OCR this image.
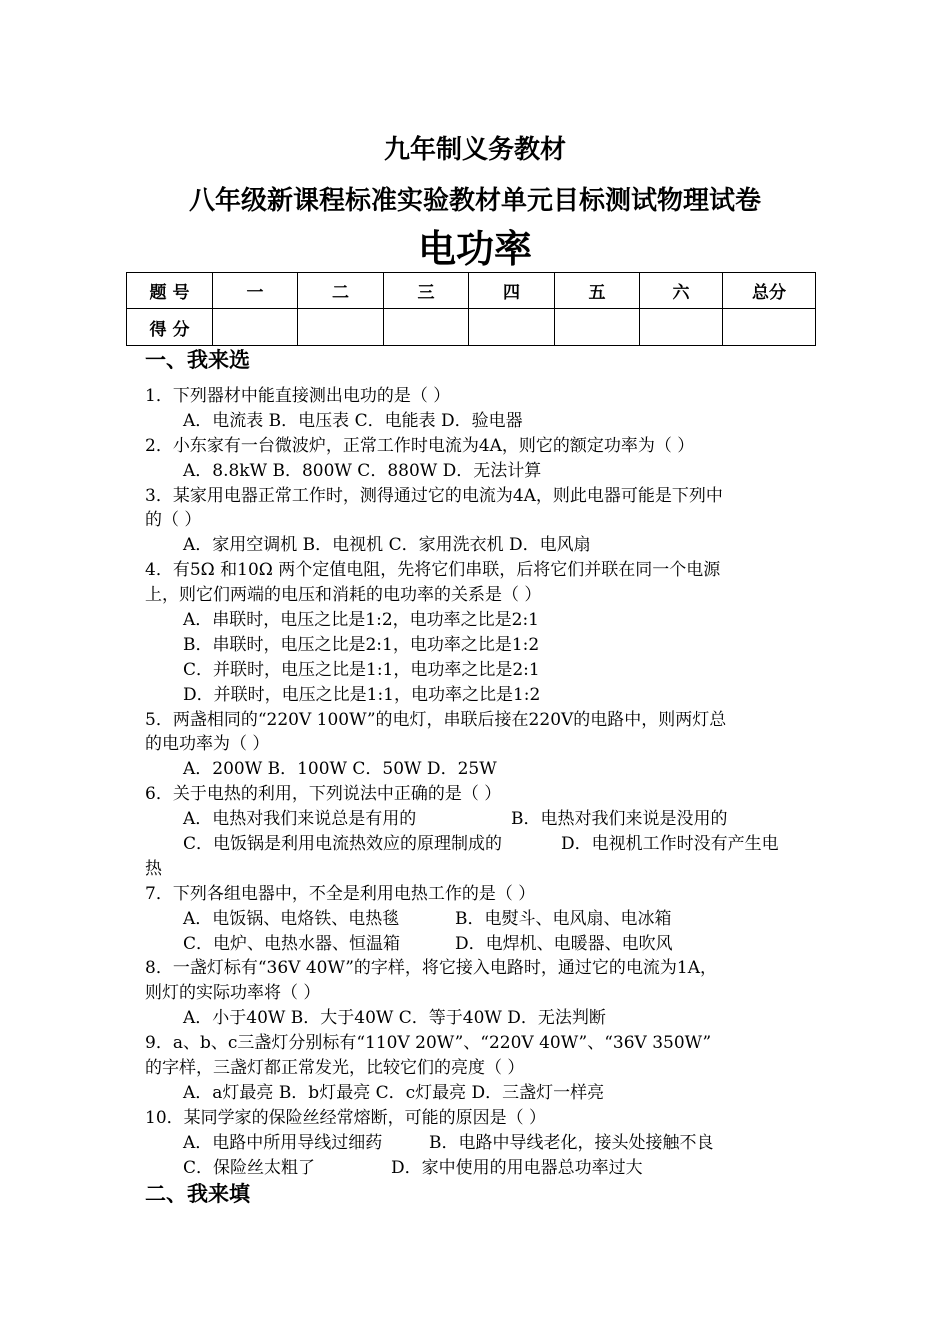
九年制义务教材
八年级新课程标准实验教材单元目标测试物理试卷
电功率
题 号	一	二	三	四	五	六	总分
得 分							
一、我来选
1．下列器材中能直接测出电功的是（ ）
A．电流表 B．电压表 C．电能表 D．验电器
2．小东家有一台微波炉，正常工作时电流为4A，则它的额定功率为（ ）
A．8.8kW B．800W C．880W D．无法计算
3．某家用电器正常工作时，测得通过它的电流为4A，则此电器可能是下列中
的（ ）
A．家用空调机 B．电视机 C．家用洗衣机 D．电风扇
4．有5Ω 和10Ω 两个定值电阻，先将它们串联，后将它们并联在同一个电源
上，则它们两端的电压和消耗的电功率的关系是（ ）
A．串联时，电压之比是1:2，电功率之比是2:1
B．串联时，电压之比是2:1，电功率之比是1:2
C．并联时，电压之比是1:1，电功率之比是2:1
D．并联时，电压之比是1:1，电功率之比是1:2
5．两盏相同的“220V 100W”的电灯，串联后接在220V的电路中，则两灯总
的电功率为（ ）
A．200W B．100W C．50W D．25W
6．关于电热的利用，下列说法中正确的是（ ）
A．电热对我们来说总是有用的	B．电热对我们来说是没用的
C．电饭锅是利用电流热效应的原理制成的	D．电视机工作时没有产生电
热
7．下列各组电器中，不全是利用电热工作的是（ ）
A．电饭锅、电烙铁、电热毯	B．电熨斗、电风扇、电冰箱
C．电炉、电热水器、恒温箱	D．电焊机、电暖器、电吹风
8．一盏灯标有“36V 40W”的字样，将它接入电路时，通过它的电流为1A，
则灯的实际功率将（ ）
A．小于40W B．大于40W C．等于40W D．无法判断
9．a、b、c三盏灯分别标有“110V 20W”、“220V 40W”、“36V 350W”
的字样，三盏灯都正常发光，比较它们的亮度（ ）
A．a灯最亮 B．b灯最亮 C．c灯最亮 D．三盏灯一样亮
10．某同学家的保险丝经常熔断，可能的原因是（ ）
A．电路中所用导线过细药	B．电路中导线老化，接头处接触不良
C．保险丝太粗了	D．家中使用的用电器总功率过大
二、我来填
